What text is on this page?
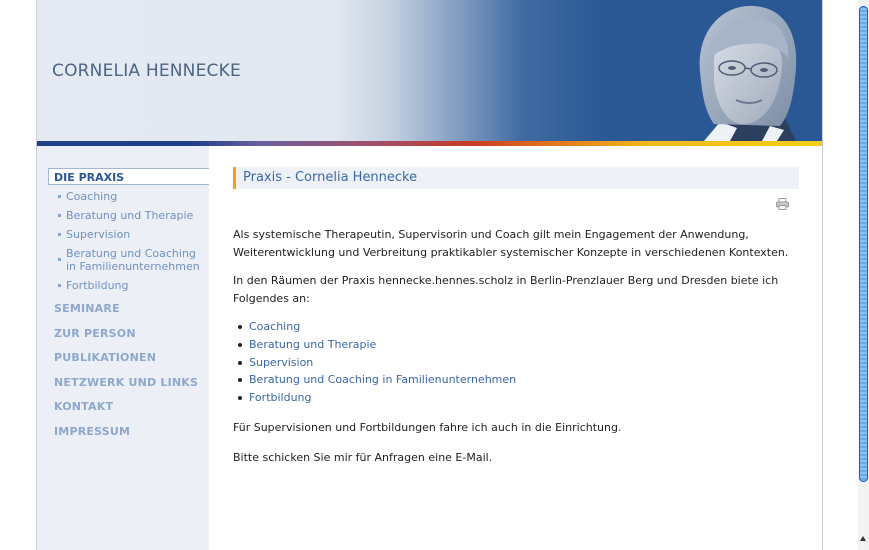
CORNELIA HENNECKE
DIE PRAXIS
Coaching
Beratung und Therapie
Supervision
Beratung und Coaching in Familienunternehmen
Fortbildung
SEMINARE
ZUR PERSON
PUBLIKATIONEN
NETZWERK UND LINKS
KONTAKT
IMPRESSUM
Praxis - Cornelia Hennecke

Als systemische Therapeutin, Supervisorin und Coach gilt mein Engagement der Anwendung, Weiterentwicklung und Verbreitung praktikabler systemischer Konzepte in verschiedenen Kontexten.

In den Räumen der Praxis hennecke.hennes.scholz in Berlin-Prenzlauer Berg und Dresden biete ich Folgendes an:

Coaching
Beratung und Therapie
Supervision
Beratung und Coaching in Familienunternehmen
Fortbildung

Für Supervisionen und Fortbildungen fahre ich auch in die Einrichtung.

Bitte schicken Sie mir für Anfragen eine E-Mail.
